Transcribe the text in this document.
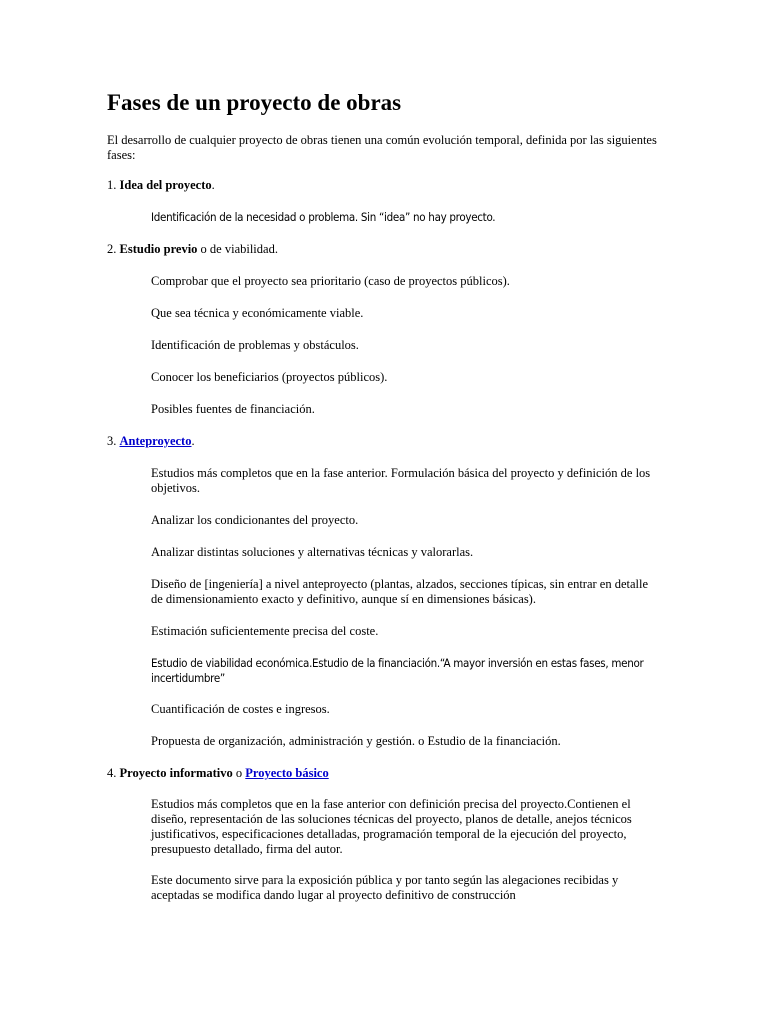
Fases de un proyecto de obras

El desarrollo de cualquier proyecto de obras tienen una común evolución temporal, definida por las siguientes fases:

1. Idea del proyecto.

Identificación de la necesidad o problema. Sin “idea” no hay proyecto.

2. Estudio previo o de viabilidad.

Comprobar que el proyecto sea prioritario (caso de proyectos públicos).

Que sea técnica y económicamente viable.

Identificación de problemas y obstáculos.

Conocer los beneficiarios (proyectos públicos).

Posibles fuentes de financiación.

3. Anteproyecto.

Estudios más completos que en la fase anterior. Formulación básica del proyecto y definición de los objetivos.

Analizar los condicionantes del proyecto.

Analizar distintas soluciones y alternativas técnicas y valorarlas.

Diseño de [ingeniería] a nivel anteproyecto (plantas, alzados, secciones típicas, sin entrar en detalle de dimensionamiento exacto y definitivo, aunque sí en dimensiones básicas).

Estimación suficientemente precisa del coste.

Estudio de viabilidad económica.Estudio de la financiación.“A mayor inversión en estas fases, menor incertidumbre”

Cuantificación de costes e ingresos.

Propuesta de organización, administración y gestión. o Estudio de la financiación.

4. Proyecto informativo o Proyecto básico

Estudios más completos que en la fase anterior con definición precisa del proyecto.Contienen el diseño, representación de las soluciones técnicas del proyecto, planos de detalle, anejos técnicos justificativos, especificaciones detalladas, programación temporal de la ejecución del proyecto, presupuesto detallado, firma del autor.

Este documento sirve para la exposición pública y por tanto según las alegaciones recibidas y aceptadas se modifica dando lugar al proyecto definitivo de construcción
